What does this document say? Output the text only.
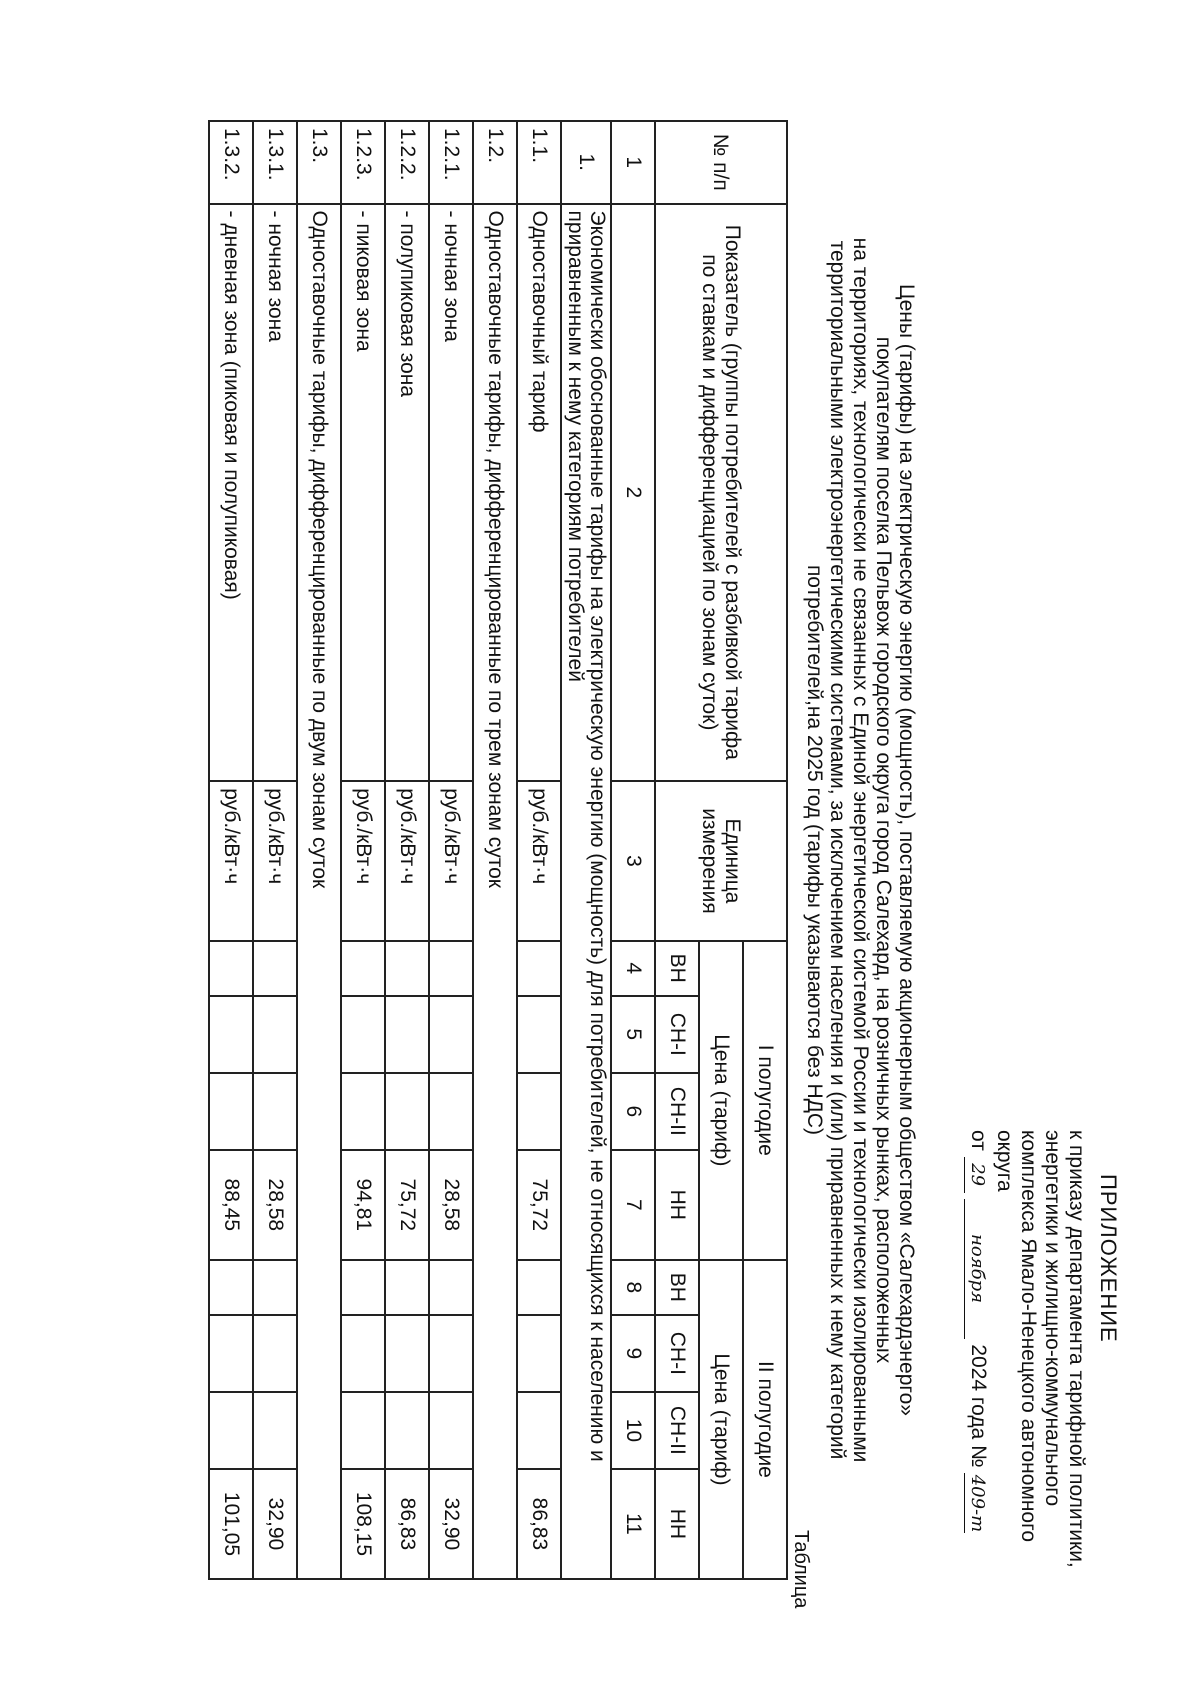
ПРИЛОЖЕНИЕ
к приказу департамента тарифной политики,
энергетики и жилищно-коммунального
комплекса Ямало-Ненецкого автономного
округа
от 29 ноября 2024 года № 409-т
Цены (тарифы) на электрическую энергию (мощность), поставляемую акционерным обществом «Салехардэнерго»
покупателям поселка Пельвож городского округа город Салехард, на розничных рынках, расположенных
на территориях, технологически не связанных с Единой энергетической системой России и технологически изолированными
территориальными электроэнергетическими системами, за исключением населения и (или) приравненных к нему категорий
потребителей,на 2025 год (тарифы указываются без НДС)
Таблица
№ п/п	Показатель (группы потребителей с разбивкой тарифа по ставкам и дифференциацией по зонам суток)	Единица измерения	I полугодие				II полугодие			
			Цена (тариф)				Цена (тариф)			
			ВН	СН-I	СН-II	НН	ВН	СН-I	СН-II	НН
1	2	3	4	5	6	7	8	9	10	11
1.	Экономически обоснованные тарифы на электрическую энергию (мощность) для потребителей, не относящихся к населению и приравненным к нему категориям потребителей									
1.1.	Одноставочный тариф	руб./кВт·ч				75,72				86,83
1.2.	Одноставочные тарифы, дифференцированные по трем зонам суток									
1.2.1.	- ночная зона	руб./кВт·ч				28,58				32,90
1.2.2.	- полупиковая зона	руб./кВт·ч				75,72				86,83
1.2.3.	- пиковая зона	руб./кВт·ч				94,81				108,15
1.3.	Одноставочные тарифы, дифференцированные по двум зонам суток									
1.3.1.	- ночная зона	руб./кВт·ч				28,58				32,90
1.3.2.	- дневная зона (пиковая и полупиковая)	руб./кВт·ч				88,45				101,05
